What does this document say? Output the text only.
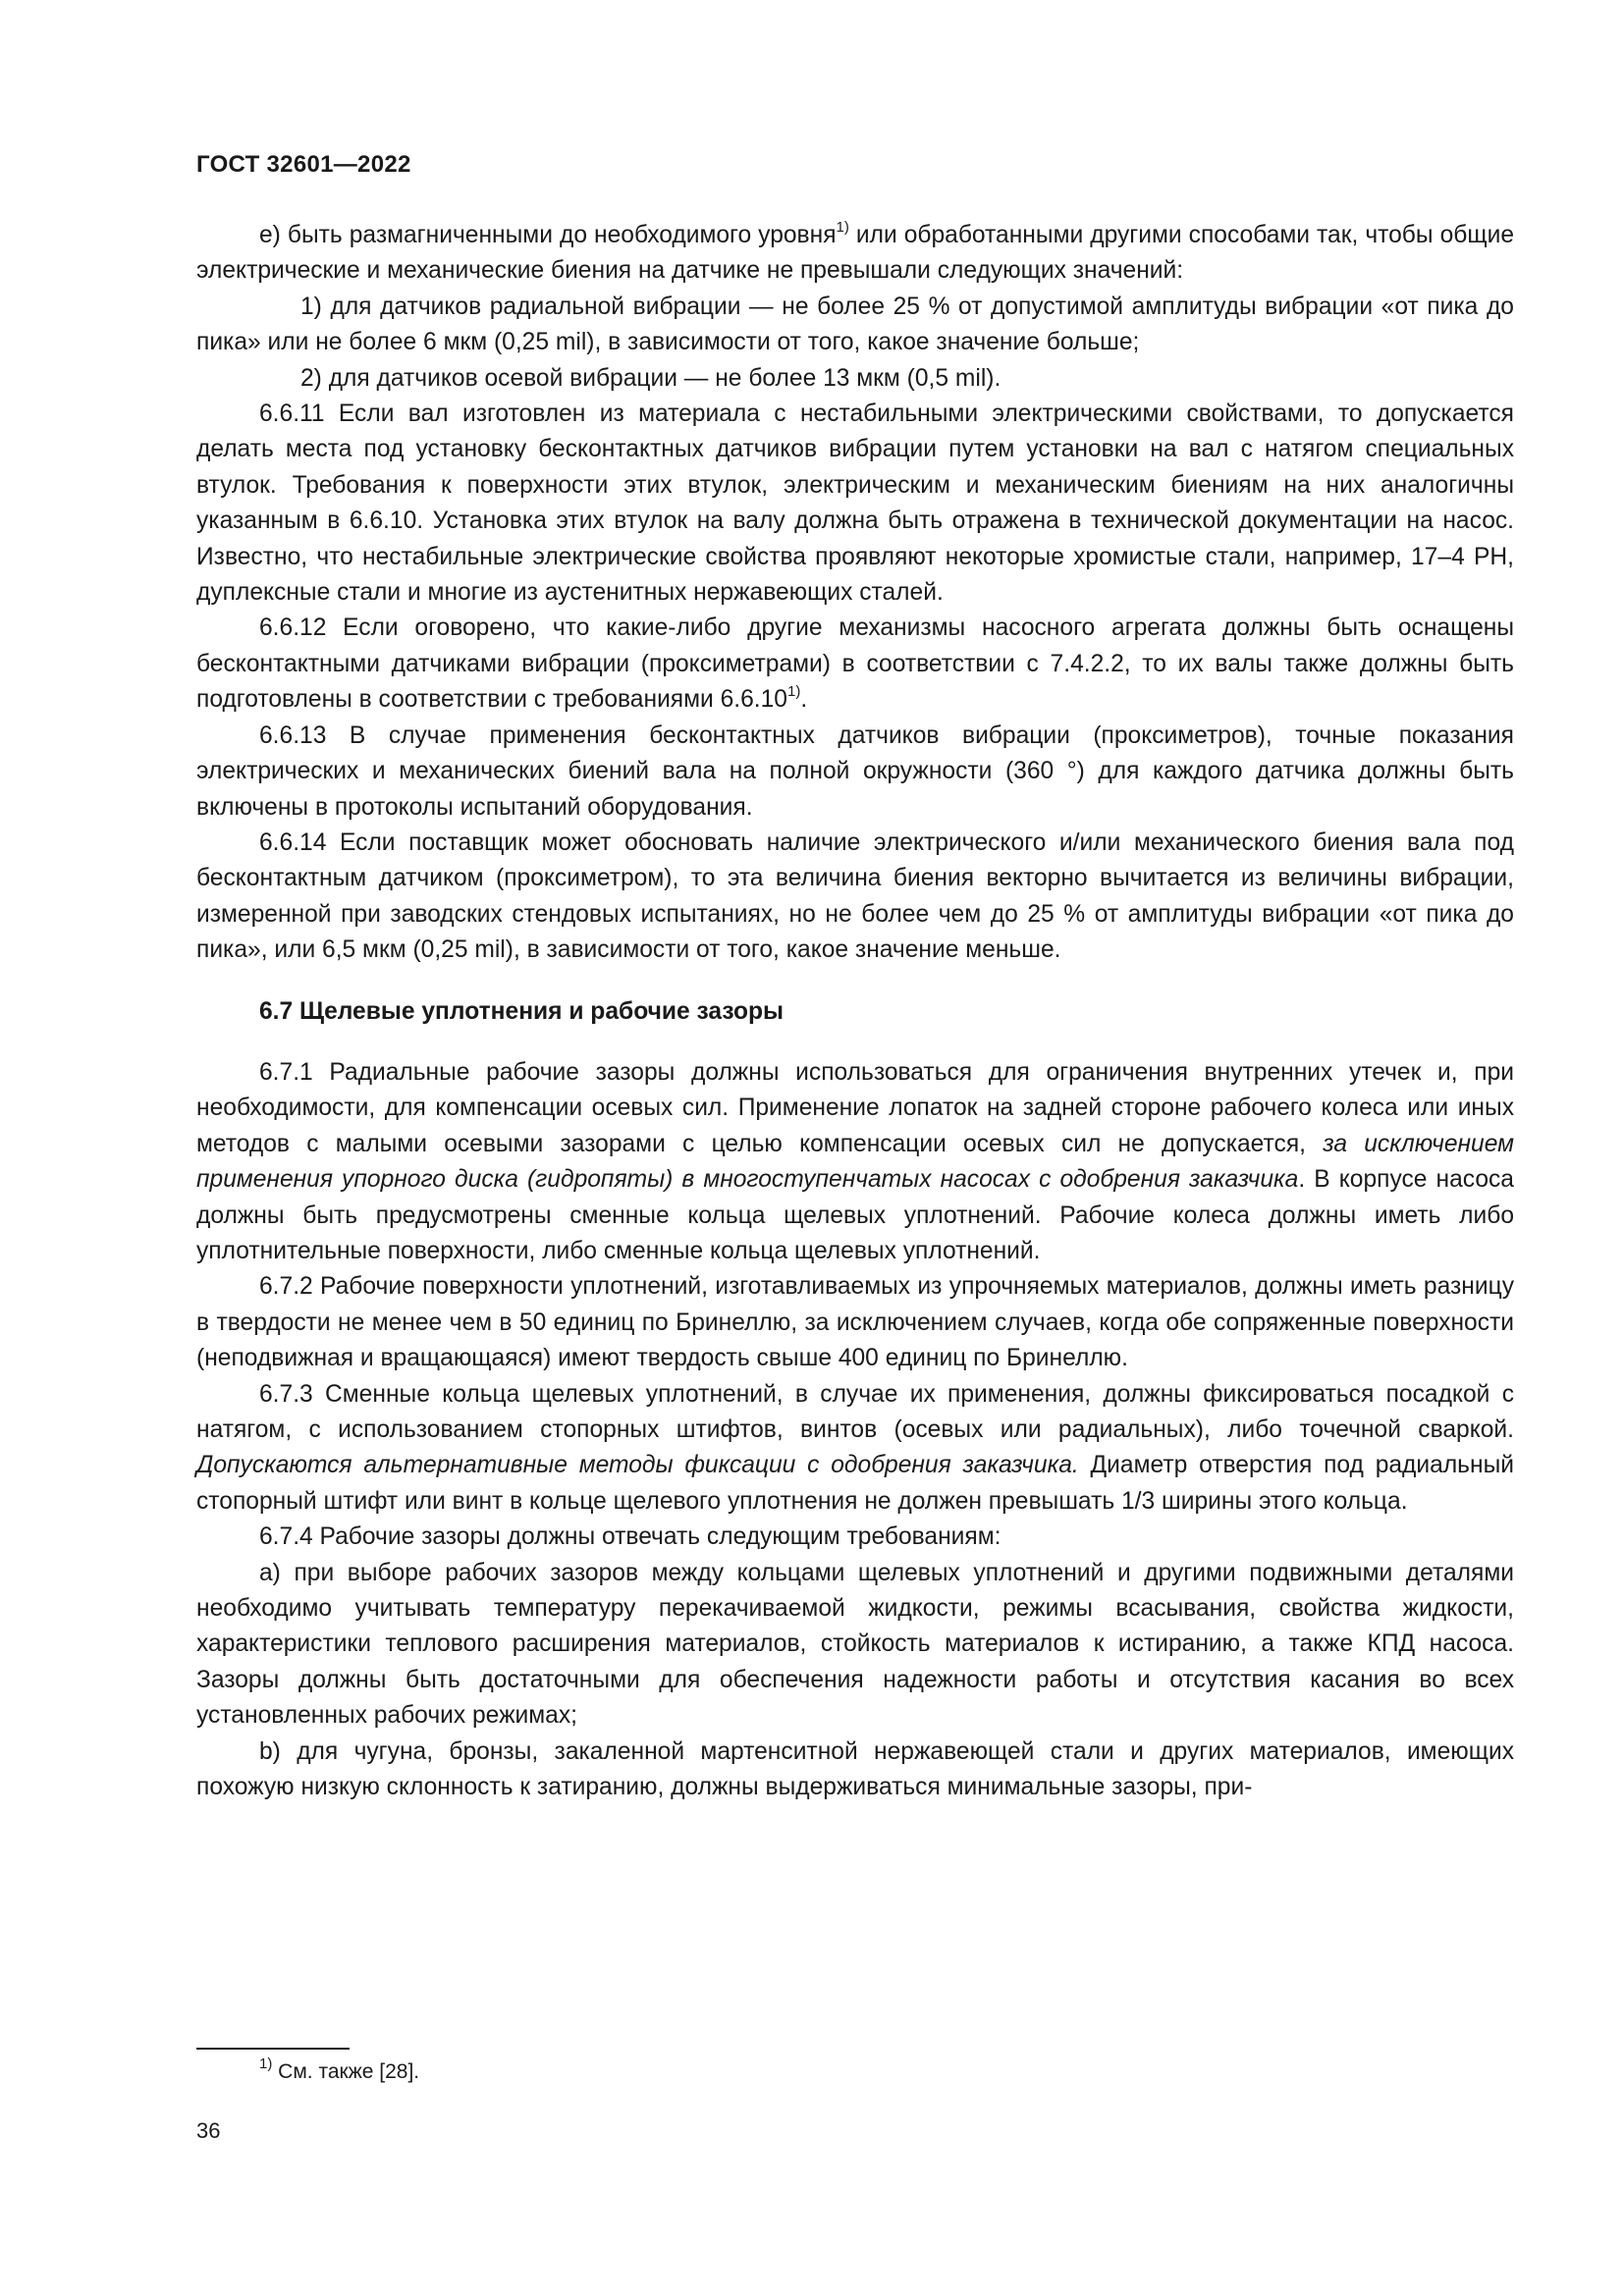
ГОСТ 32601—2022

е) быть размагниченными до необходимого уровня$^{1)}$ или обработанными другими способами так, чтобы общие электрические и механические биения на датчике не превышали следующих значений:

1) для датчиков радиальной вибрации — не более 25 % от допустимой амплитуды вибрации «от пика до пика» или не более 6 мкм (0,25 mil), в зависимости от того, какое значение больше;

2) для датчиков осевой вибрации — не более 13 мкм (0,5 mil).

6.6.11 Если вал изготовлен из материала с нестабильными электрическими свойствами, то допускается делать места под установку бесконтактных датчиков вибрации путем установки на вал с натягом специальных втулок. Требования к поверхности этих втулок, электрическим и механическим биениям на них аналогичны указанным в 6.6.10. Установка этих втулок на валу должна быть отражена в технической документации на насос. Известно, что нестабильные электрические свойства проявляют некоторые хромистые стали, например, 17–4 PH, дуплексные стали и многие из аустенитных нержавеющих сталей.

6.6.12 Если оговорено, что какие-либо другие механизмы насосного агрегата должны быть оснащены бесконтактными датчиками вибрации (проксиметрами) в соответствии с 7.4.2.2, то их валы также должны быть подготовлены в соответствии с требованиями 6.6.10$^{1)}$.

6.6.13 В случае применения бесконтактных датчиков вибрации (проксиметров), точные показания электрических и механических биений вала на полной окружности (360 °) для каждого датчика должны быть включены в протоколы испытаний оборудования.

6.6.14 Если поставщик может обосновать наличие электрического и/или механического биения вала под бесконтактным датчиком (проксиметром), то эта величина биения векторно вычитается из величины вибрации, измеренной при заводских стендовых испытаниях, но не более чем до 25 % от амплитуды вибрации «от пика до пика», или 6,5 мкм (0,25 mil), в зависимости от того, какое значение меньше.

6.7 Щелевые уплотнения и рабочие зазоры

6.7.1 Радиальные рабочие зазоры должны использоваться для ограничения внутренних утечек и, при необходимости, для компенсации осевых сил. Применение лопаток на задней стороне рабочего колеса или иных методов с малыми осевыми зазорами с целью компенсации осевых сил не допускается, за исключением применения упорного диска (гидропяты) в многоступенчатых насосах с одобрения заказчика. В корпусе насоса должны быть предусмотрены сменные кольца щелевых уплотнений. Рабочие колеса должны иметь либо уплотнительные поверхности, либо сменные кольца щелевых уплотнений.

6.7.2 Рабочие поверхности уплотнений, изготавливаемых из упрочняемых материалов, должны иметь разницу в твердости не менее чем в 50 единиц по Бринеллю, за исключением случаев, когда обе сопряженные поверхности (неподвижная и вращающаяся) имеют твердость свыше 400 единиц по Бринеллю.

6.7.3 Сменные кольца щелевых уплотнений, в случае их применения, должны фиксироваться посадкой с натягом, с использованием стопорных штифтов, винтов (осевых или радиальных), либо точечной сваркой. Допускаются альтернативные методы фиксации с одобрения заказчика. Диаметр отверстия под радиальный стопорный штифт или винт в кольце щелевого уплотнения не должен превышать 1/3 ширины этого кольца.

6.7.4 Рабочие зазоры должны отвечать следующим требованиям:

а) при выборе рабочих зазоров между кольцами щелевых уплотнений и другими подвижными деталями необходимо учитывать температуру перекачиваемой жидкости, режимы всасывания, свойства жидкости, характеристики теплового расширения материалов, стойкость материалов к истиранию, а также КПД насоса. Зазоры должны быть достаточными для обеспечения надежности работы и отсутствия касания во всех установленных рабочих режимах;

b) для чугуна, бронзы, закаленной мартенситной нержавеющей стали и других материалов, имеющих похожую низкую склонность к затиранию, должны выдерживаться минимальные зазоры, при-

$^{1)}$ См. также [28].
36
